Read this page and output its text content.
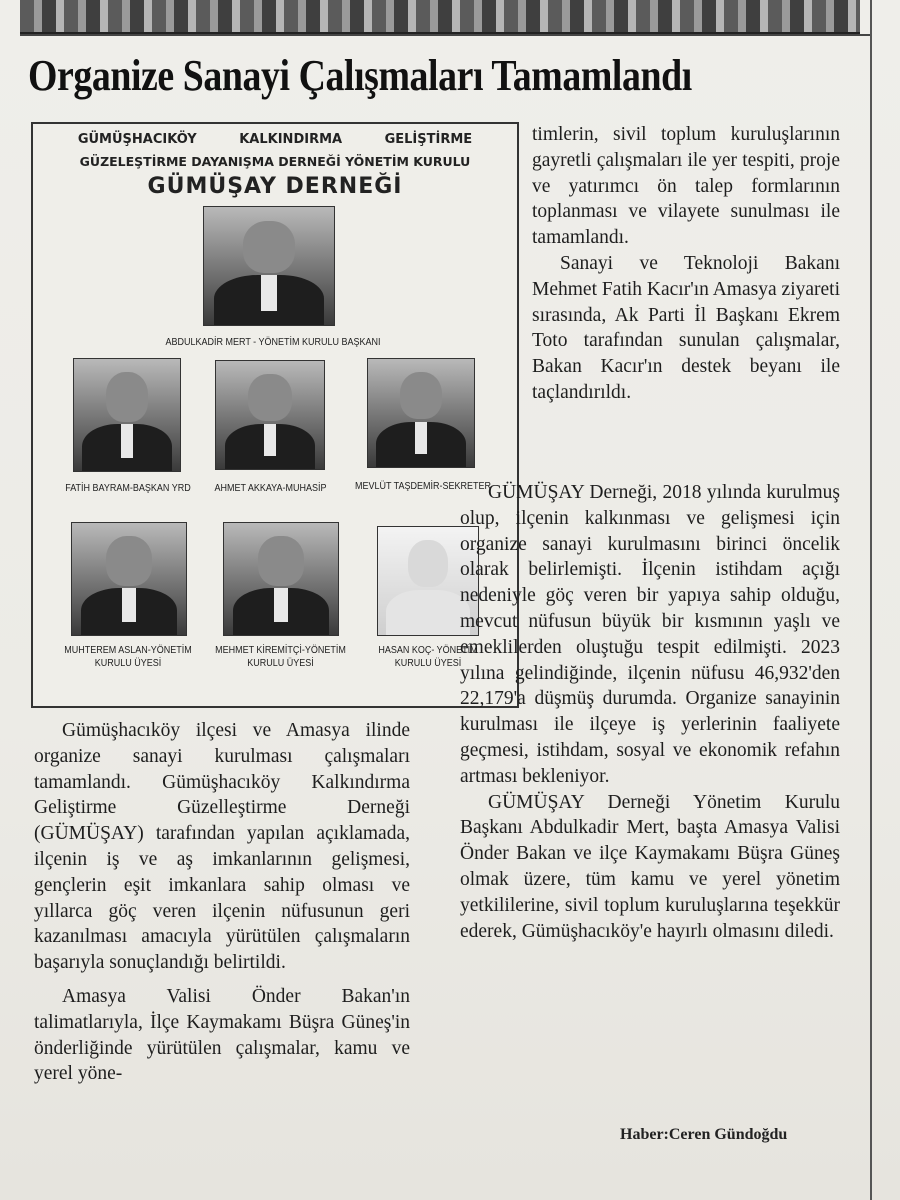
Organize Sanayi Çalışmaları Tamamlandı
GÜMÜŞHACIKÖY KALKINDIRMA GELİŞTİRME
GÜZELEŞTİRME DAYANIŞMA DERNEĞİ YÖNETİM KURULU
GÜMÜŞAY DERNEĞİ
ABDULKADİR MERT - YÖNETİM KURULU BAŞKANI
FATİH BAYRAM-BAŞKAN YRD	AHMET AKKAYA-MUHASİP	MEVLÜT TAŞDEMİR-SEKRETER
MUHTEREM ASLAN-YÖNETİM
KURULU ÜYESİ
MEHMET KİREMİTÇİ-YÖNETİM
KURULU ÜYESİ
HASAN KOÇ- YÖNETİM
KURULU ÜYESİ

Gümüşhacıköy ilçesi ve Amasya ilinde organize sanayi kurulması çalışmaları tamamlandı. Gümüşhacıköy Kalkındırma Geliştirme Güzelleştirme Derneği (GÜMÜŞAY) tarafından yapılan açıklamada, ilçenin iş ve aş imkanlarının gelişmesi, gençlerin eşit imkanlara sahip olması ve yıllarca göç veren ilçenin nüfusunun geri kazanılması amacıyla yürütülen çalışmaların başarıyla sonuçlandığı belirtildi.

Amasya Valisi Önder Bakan'ın talimatlarıyla, İlçe Kaymakamı Büşra Güneş'in önderliğinde yürütülen çalışmalar, kamu ve yerel yöne-

timlerin, sivil toplum kuruluşlarının gayretli çalışmaları ile yer tespiti, proje ve yatırımcı ön talep formlarının toplanması ve vilayete sunulması ile tamamlandı.

Sanayi ve Teknoloji Bakanı Mehmet Fatih Kacır'ın Amasya ziyareti sırasında, Ak Parti İl Başkanı Ekrem Toto tarafından sunulan çalışmalar, Bakan Kacır'ın destek beyanı ile taçlandırıldı.

GÜMÜŞAY Derneği, 2018 yılında kurulmuş olup, ilçenin kalkınması ve gelişmesi için organize sanayi kurulmasını birinci öncelik olarak belirlemişti. İlçenin istihdam açığı nedeniyle göç veren bir yapıya sahip olduğu, mevcut nüfusun büyük bir kısmının yaşlı ve emeklilerden oluştuğu tespit edilmişti. 2023 yılına gelindiğinde, ilçenin nüfusu 46,932'den 22,179'a düşmüş durumda. Organize sanayinin kurulması ile ilçeye iş yerlerinin faaliyete geçmesi, istihdam, sosyal ve ekonomik refahın artması bekleniyor.

GÜMÜŞAY Derneği Yönetim Kurulu Başkanı Abdulkadir Mert, başta Amasya Valisi Önder Bakan ve ilçe Kaymakamı Büşra Güneş olmak üzere, tüm kamu ve yerel yönetim yetkililerine, sivil toplum kuruluşlarına teşekkür ederek, Gümüşhacıköy'e hayırlı olmasını diledi.

Haber:Ceren Gündoğdu
